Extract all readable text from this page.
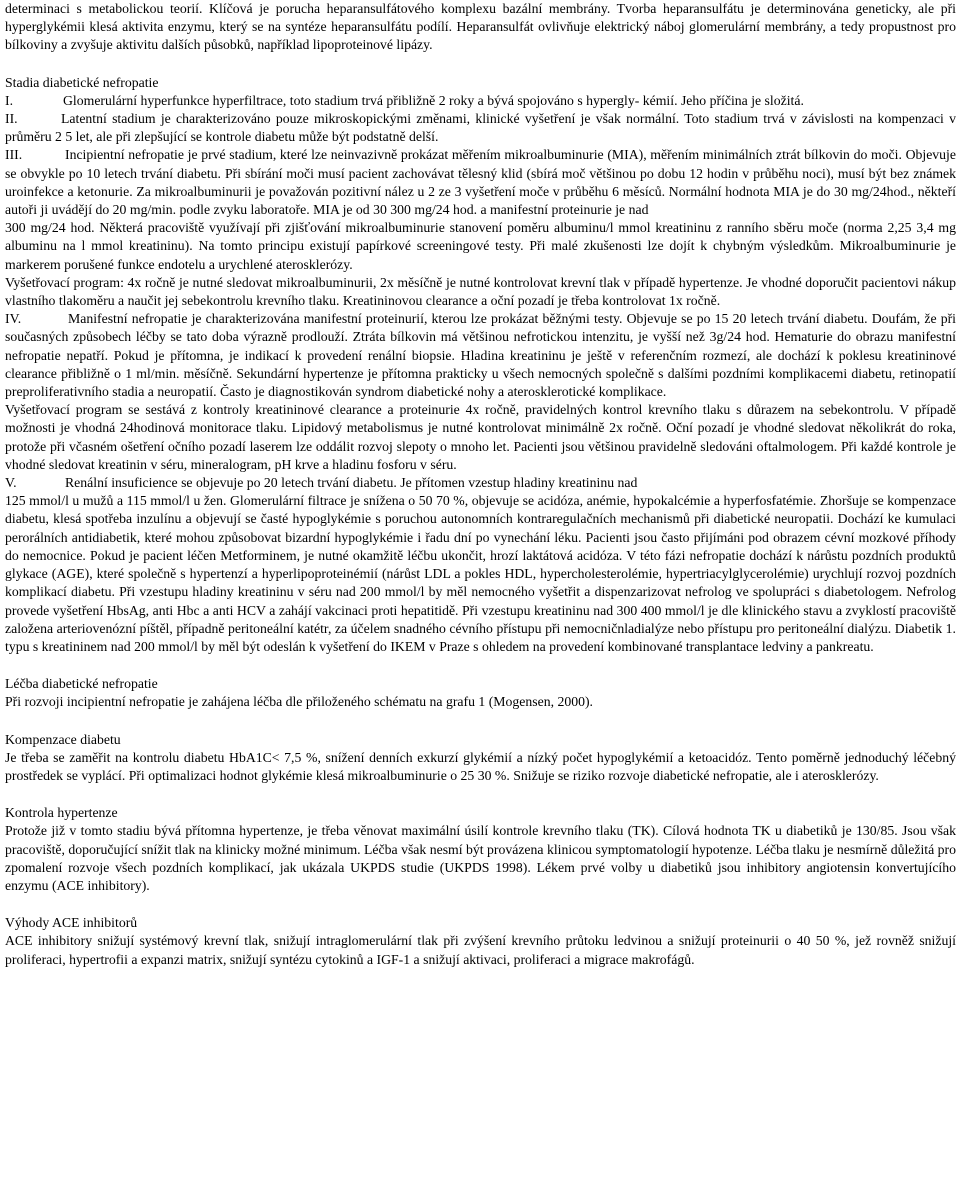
determinaci s metabolickou teorií. Klíčová je porucha heparansulfátového komplexu bazální membrány. Tvorba heparansulfátu je determinována geneticky, ale při hyperglykémii klesá aktivita enzymu, který se na syntéze heparansulfátu podílí. Heparansulfát ovlivňuje elektrický náboj glomerulární membrány, a tedy propustnost pro bílkoviny a zvyšuje aktivitu dalších působků, například lipoproteinové lipázy.

Stadia diabetické nefropatie

I.	Glomerulární hyperfunkce hyperfiltrace, toto stadium trvá přibližně 2 roky a bývá spojováno s hypergly- kémií. Jeho příčina je složitá.

II.	Latentní stadium je charakterizováno pouze mikroskopickými změnami, klinické vyšetření je však normální. Toto stadium trvá v závislosti na kompenzaci v průměru 2 5 let, ale při zlepšující se kontrole diabetu může být podstatně delší.

III.	Incipientní nefropatie je prvé stadium, které lze neinvazivně prokázat měřením mikroalbuminurie (MIA), měřením minimálních ztrát bílkovin do moči. Objevuje se obvykle po 10 letech trvání diabetu. Při sbírání moči musí pacient zachovávat tělesný klid (sbírá moč většinou po dobu 12 hodin v průběhu noci), musí být bez známek uroinfekce a ketonurie. Za mikroalbuminurii je považován pozitivní nález u 2 ze 3 vyšetření moče v průběhu 6 měsíců. Normální hodnota MIA je do 30 mg/24hod., někteří autoři ji uvádějí do 20 mg/min. podle zvyku laboratoře. MIA je od 30 300 mg/24 hod. a manifestní proteinurie je nad

300 mg/24 hod. Některá pracoviště využívají při zjišťování mikroalbuminurie stanovení poměru albuminu/l mmol kreatininu z ranního sběru moče (norma 2,25 3,4 mg albuminu na l mmol kreatininu). Na tomto principu existují papírkové screeningové testy. Při malé zkušenosti lze dojít k chybným výsledkům. Mikroalbuminurie je markerem porušené funkce endotelu a urychlené aterosklerózy.

Vyšetřovací program: 4x ročně je nutné sledovat mikroalbuminurii, 2x měsíčně je nutné kontrolovat krevní tlak v případě hypertenze. Je vhodné doporučit pacientovi nákup vlastního tlakoměru a naučit jej sebekontrolu krevního tlaku. Kreatininovou clearance a oční pozadí je třeba kontrolovat 1x ročně.

IV.	Manifestní nefropatie je charakterizována manifestní proteinurií, kterou lze prokázat běžnými testy. Objevuje se po 15 20 letech trvání diabetu. Doufám, že při současných způsobech léčby se tato doba výrazně prodlouží. Ztráta bílkovin má většinou nefrotickou intenzitu, je vyšší než 3g/24 hod. Hematurie do obrazu manifestní nefropatie nepatří. Pokud je přítomna, je indikací k provedení renální biopsie. Hladina kreatininu je ještě v referenčním rozmezí, ale dochází k poklesu kreatininové clearance přibližně o 1 ml/min. měsíčně. Sekundární hypertenze je přítomna prakticky u všech nemocných společně s dalšími pozdními komplikacemi diabetu, retinopatií preproliferativního stadia a neuropatií. Často je diagnostikován syndrom diabetické nohy a aterosklerotické komplikace.

Vyšetřovací program se sestává z kontroly kreatininové clearance a proteinurie 4x ročně, pravidelných kontrol krevního tlaku s důrazem na sebekontrolu. V případě možnosti je vhodná 24hodinová monitorace tlaku. Lipidový metabolismus je nutné kontrolovat minimálně 2x ročně. Oční pozadí je vhodné sledovat několikrát do roka, protože při včasném ošetření očního pozadí laserem lze oddálit rozvoj slepoty o mnoho let. Pacienti jsou většinou pravidelně sledováni oftalmologem. Při každé kontrole je vhodné sledovat kreatinin v séru, mineralogram, pH krve a hladinu fosforu v séru.

V.	Renální insuficience se objevuje po 20 letech trvání diabetu. Je přítomen vzestup hladiny kreatininu nad

125 mmol/l u mužů a 115 mmol/l u žen. Glomerulární filtrace je snížena o 50 70 %, objevuje se acidóza, anémie, hypokalcémie a hyperfosfatémie. Zhoršuje se kompenzace diabetu, klesá spotřeba inzulínu a objevují se časté hypoglykémie s poruchou autonomních kontraregulačních mechanismů při diabetické neuropatii. Dochází ke kumulaci perorálních antidiabetik, které mohou způsobovat bizardní hypoglykémie i řadu dní po vynechání léku. Pacienti jsou často přijímáni pod obrazem cévní mozkové příhody do nemocnice. Pokud je pacient léčen Metforminem, je nutné okamžitě léčbu ukončit, hrozí laktátová acidóza. V této fázi nefropatie dochází k nárůstu pozdních produktů glykace (AGE), které společně s hypertenzí a hyperlipoproteinémií (nárůst LDL a pokles HDL, hypercholesterolémie, hypertriacylglycerolémie) urychlují rozvoj pozdních komplikací diabetu. Při vzestupu hladiny kreatininu v séru nad 200 mmol/l by měl nemocného vyšetřit a dispenzarizovat nefrolog ve spolupráci s diabetologem. Nefrolog provede vyšetření HbsAg, anti Hbc a anti HCV a zahájí vakcinaci proti hepatitidě. Při vzestupu kreatininu nad 300 400 mmol/l je dle klinického stavu a zvyklostí pracoviště založena arteriovenózní píštěl, případně peritoneální katétr, za účelem snadného cévního přístupu při nemocničnladialýze nebo přístupu pro peritoneální dialýzu. Diabetik 1. typu s kreatininem nad 200 mmol/l by měl být odeslán k vyšetření do IKEM v Praze s ohledem na provedení kombinované transplantace ledviny a pankreatu.

Léčba diabetické nefropatie

Při rozvoji incipientní nefropatie je zahájena léčba dle přiloženého schématu na grafu 1 (Mogensen, 2000).

Kompenzace diabetu

Je třeba se zaměřit na kontrolu diabetu HbA1C< 7,5 %, snížení denních exkurzí glykémií a nízký počet hypoglykémií a ketoacidóz. Tento poměrně jednoduchý léčebný prostředek se vyplácí. Při optimalizaci hodnot glykémie klesá mikroalbuminurie o 25 30 %. Snižuje se riziko rozvoje diabetické nefropatie, ale i aterosklerózy.

Kontrola hypertenze

Protože již v tomto stadiu bývá přítomna hypertenze, je třeba věnovat maximální úsilí kontrole krevního tlaku (TK). Cílová hodnota TK u diabetiků je 130/85. Jsou však pracoviště, doporučující snížit tlak na klinicky možné minimum. Léčba však nesmí být provázena klinicou symptomatologií hypotenze. Léčba tlaku je nesmírně důležitá pro zpomalení rozvoje všech pozdních komplikací, jak ukázala UKPDS studie (UKPDS 1998). Lékem prvé volby u diabetiků jsou inhibitory angiotensin konvertujícího enzymu (ACE inhibitory).

Výhody ACE inhibitorů

ACE inhibitory snižují systémový krevní tlak, snižují intraglomerulární tlak při zvýšení krevního průtoku ledvinou a snižují proteinurii o 40 50 %, jež rovněž snižují proliferaci, hypertrofii a expanzi matrix, snižují syntézu cytokinů a IGF-1 a snižují aktivaci, proliferaci a migrace makrofágů.
